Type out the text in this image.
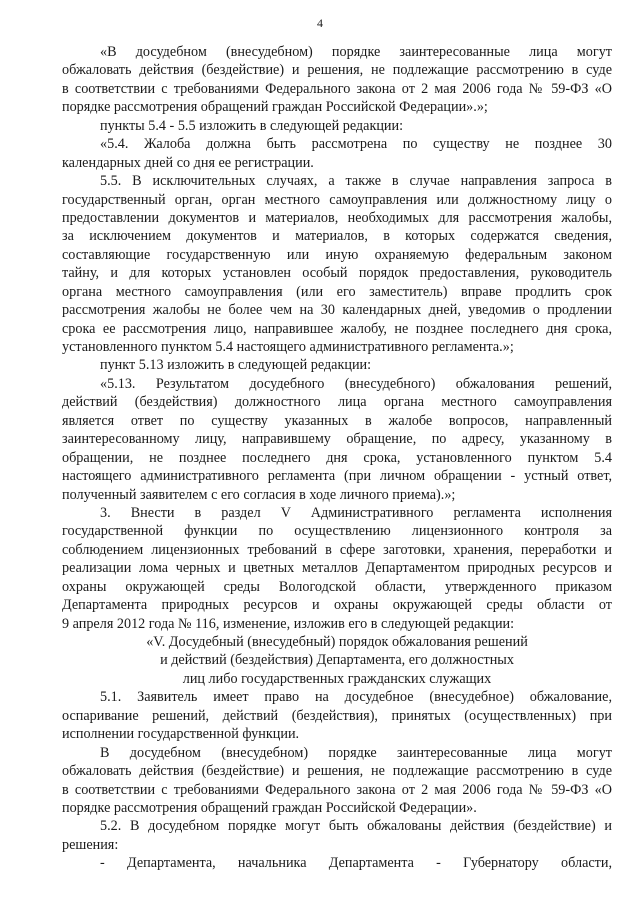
4
«В досудебном (внесудебном) порядке заинтересованные лица могут
обжаловать действия (бездействие) и решения, не подлежащие рассмотрению в суде
в соответствии с требованиями Федерального закона от 2 мая 2006 года № 59-ФЗ «О
порядке рассмотрения обращений граждан Российской Федерации».»;
пункты 5.4 - 5.5 изложить в следующей редакции:
«5.4. Жалоба должна быть рассмотрена по существу не позднее 30
календарных дней со дня ее регистрации.
5.5. В исключительных случаях, а также в случае направления запроса в
государственный орган, орган местного самоуправления или должностному лицу о
предоставлении документов и материалов, необходимых для рассмотрения жалобы,
за исключением документов и материалов, в которых содержатся сведения,
составляющие государственную или иную охраняемую федеральным законом
тайну, и для которых установлен особый порядок предоставления, руководитель
органа местного самоуправления (или его заместитель) вправе продлить срок
рассмотрения жалобы не более чем на 30 календарных дней, уведомив о продлении
срока ее рассмотрения лицо, направившее жалобу, не позднее последнего дня срока,
установленного пунктом 5.4 настоящего административного регламента.»;
пункт 5.13 изложить в следующей редакции:
«5.13. Результатом досудебного (внесудебного) обжалования решений,
действий (бездействия) должностного лица органа местного самоуправления
является ответ по существу указанных в жалобе вопросов, направленный
заинтересованному лицу, направившему обращение, по адресу, указанному в
обращении, не позднее последнего дня срока, установленного пунктом 5.4
настоящего административного регламента (при личном обращении - устный ответ,
полученный заявителем с его согласия в ходе личного приема).»;
3. Внести в раздел V Административного регламента исполнения
государственной функции по осуществлению лицензионного контроля за
соблюдением лицензионных требований в сфере заготовки, хранения, переработки и
реализации лома черных и цветных металлов Департаментом природных ресурсов и
охраны окружающей среды Вологодской области, утвержденного приказом
Департамента природных ресурсов и охраны окружающей среды области от
9 апреля 2012 года № 116, изменение, изложив его в следующей редакции:
«V. Досудебный (внесудебный) порядок обжалования решений
и действий (бездействия) Департамента, его должностных
лиц либо государственных гражданских служащих
5.1. Заявитель имеет право на досудебное (внесудебное) обжалование,
оспаривание решений, действий (бездействия), принятых (осуществленных) при
исполнении государственной функции.
В досудебном (внесудебном) порядке заинтересованные лица могут
обжаловать действия (бездействие) и решения, не подлежащие рассмотрению в суде
в соответствии с требованиями Федерального закона от 2 мая 2006 года № 59-ФЗ «О
порядке рассмотрения обращений граждан Российской Федерации».
5.2. В досудебном порядке могут быть обжалованы действия (бездействие) и
решения:
- Департамента, начальника Департамента - Губернатору области,
